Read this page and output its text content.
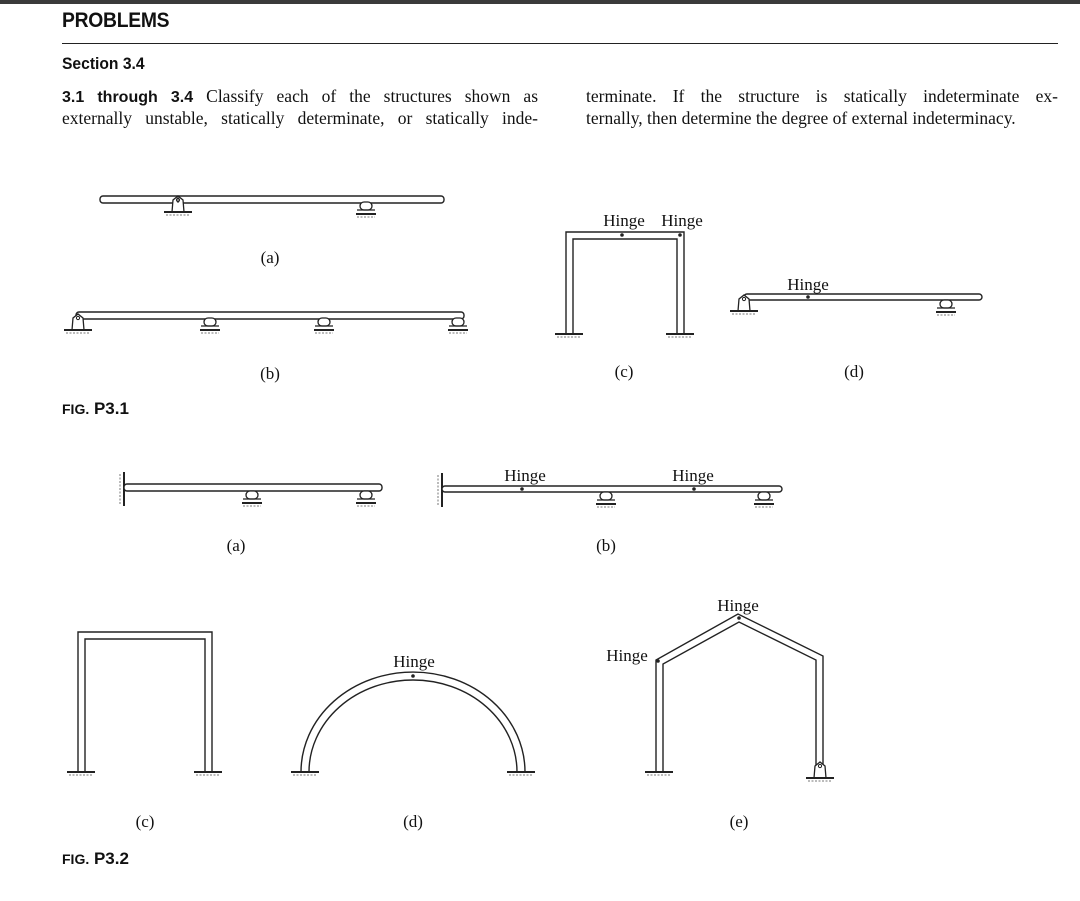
PROBLEMS
Section 3.4
3.1 through 3.4 Classify each of the structures shown as
externally unstable, statically determinate, or statically inde-
terminate. If the structure is statically indeterminate ex-
ternally, then determine the degree of external indeterminacy.
(a)
(b)
Hinge Hinge
(c)
Hinge
(d)
FIG. P3.1
(a)
Hinge	Hinge
(b)
(c)
Hinge
(d)
Hinge
Hinge
(e)
FIG. P3.2
